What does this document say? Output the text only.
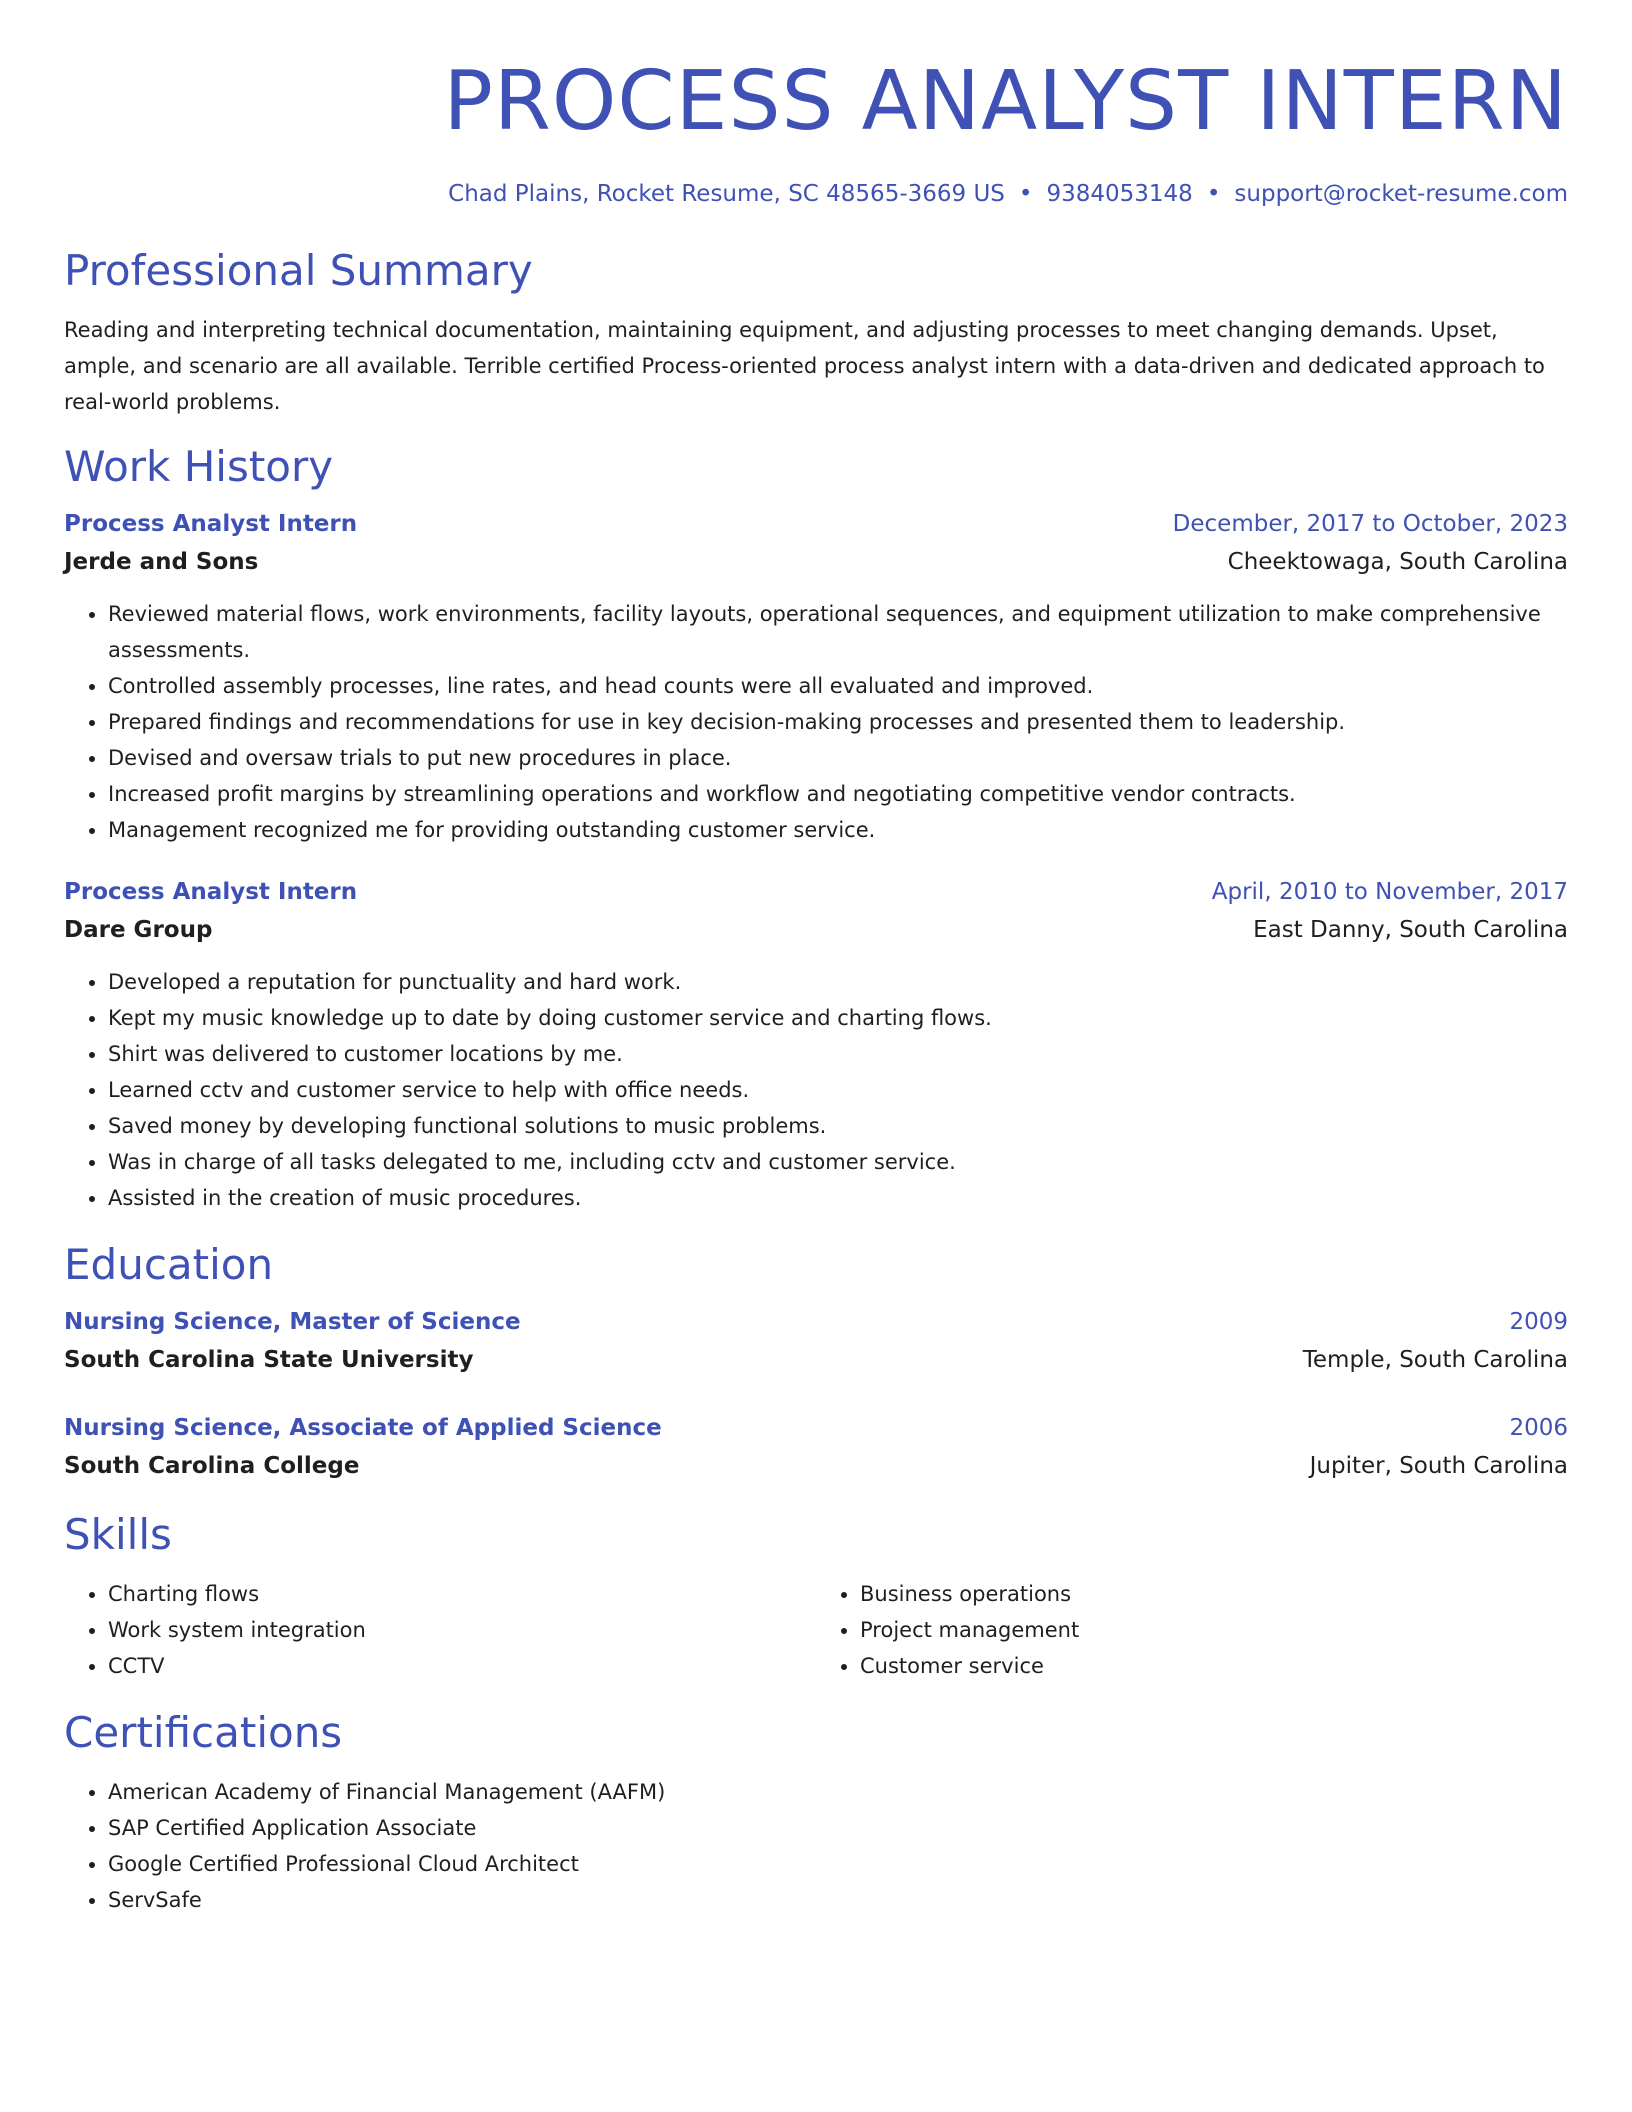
PROCESS ANALYST INTERN
Chad Plains, Rocket Resume, SC 48565-3669 US • 9384053148 • support@rocket-resume.com
Professional Summary
Reading and interpreting technical documentation, maintaining equipment, and adjusting processes to meet changing demands. Upset, ample, and scenario are all available. Terrible certified Process-oriented process analyst intern with a data-driven and dedicated approach to real-world problems.
Work History
Process Analyst Intern	December, 2017 to October, 2023
Jerde and Sons	Cheektowaga, South Carolina
• Reviewed material flows, work environments, facility layouts, operational sequences, and equipment utilization to make comprehensive assessments.
• Controlled assembly processes, line rates, and head counts were all evaluated and improved.
• Prepared findings and recommendations for use in key decision-making processes and presented them to leadership.
• Devised and oversaw trials to put new procedures in place.
• Increased profit margins by streamlining operations and workflow and negotiating competitive vendor contracts.
• Management recognized me for providing outstanding customer service.
Process Analyst Intern	April, 2010 to November, 2017
Dare Group	East Danny, South Carolina
• Developed a reputation for punctuality and hard work.
• Kept my music knowledge up to date by doing customer service and charting flows.
• Shirt was delivered to customer locations by me.
• Learned cctv and customer service to help with office needs.
• Saved money by developing functional solutions to music problems.
• Was in charge of all tasks delegated to me, including cctv and customer service.
• Assisted in the creation of music procedures.
Education
Nursing Science, Master of Science	2009
South Carolina State University	Temple, South Carolina
Nursing Science, Associate of Applied Science	2006
South Carolina College	Jupiter, South Carolina
Skills
• Charting flows
• Work system integration
• CCTV
• Business operations
• Project management
• Customer service
Certifications
• American Academy of Financial Management (AAFM)
• SAP Certified Application Associate
• Google Certified Professional Cloud Architect
• ServSafe
